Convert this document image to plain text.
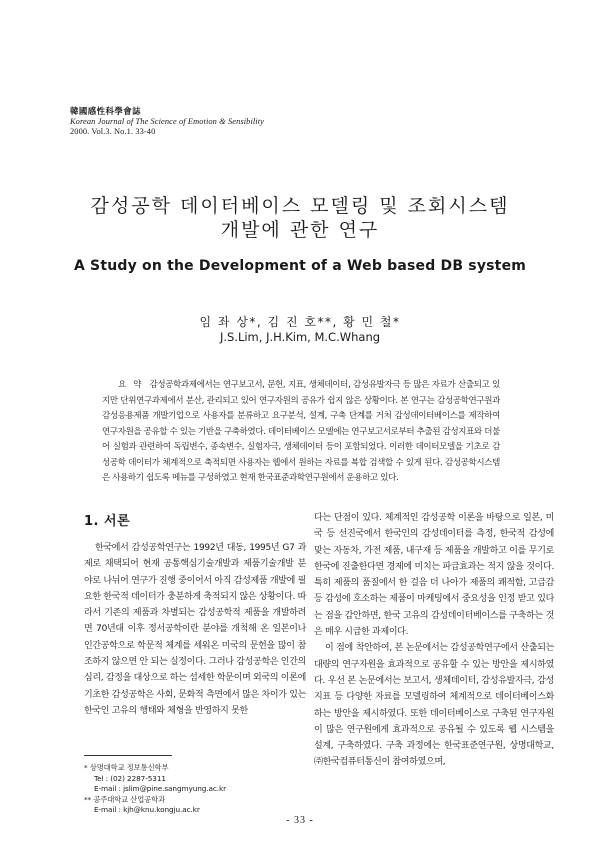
韓國感性科學會誌
Korean Journal of The Science of Emotion & Sensibility
2000. Vol.3. No.1. 33-40
감성공학 데이터베이스 모델링 및 조회시스템
개발에 관한 연구
A Study on the Development of a Web based DB system
임 좌 상*, 김 진 호**, 황 민 철*
J.S.Lim, J.H.Kim, M.C.Whang
요 약 감성공학과제에서는 연구보고서, 문헌, 지표, 생체데이터, 감성유발자극 등 많은 자료가 산출되고 있지만 단위연구과제에서 분산, 관리되고 있어 연구자원의 공유가 쉽지 않은 상황이다. 본 연구는 감성공학연구원과 감성응용제품 개발기업으로 사용자를 분류하고 요구분석, 설계, 구축 단계를 거처 감성데이터베이스를 제작하여 연구자원을 공유할 수 있는 기반을 구축하였다. 데이터베이스 모델에는 연구보고서로부터 추출된 감성지표와 더불어 실험과 관련하여 독립변수, 종속변수, 실험자극, 생체데이터 등이 포함되었다. 이러한 데이터모델을 기초로 감성공학 데이터가 체계적으로 축적되면 사용자는 웹에서 원하는 자료를 복합 검색할 수 있게 된다. 감성공학시스템은 사용하기 쉽도록 메뉴를 구성하였고 현재 한국표준과학연구원에서 운용하고 있다.
1. 서론
한국에서 감성공학연구는 1992년 대동, 1995년 G7 과제로 채택되어 현재 공통핵심기술개발과 제품기술개발 분야로 나뉘어 연구가 진행 중이어서 아직 감성제품 개발에 필요한 한국적 데이터가 충분하게 축적되지 않은 상황이다. 따라서 기존의 제품과 차별되는 감성공학적 제품을 개발하려면 70년대 이후 정서공학이란 분야를 개척해 온 일본이나 인간공학으로 학문적 체계를 세워온 미국의 문헌을 많이 참조하지 않으면 안 되는 실정이다. 그러나 감성공학은 인간의 심리, 감정을 대상으로 하는 섬세한 학문이며 외국의 이론에 기초한 감성공학은 사회, 문화적 측면에서 많은 차이가 있는 한국인 고유의 행태와 체형을 반영하지 못한
다는 단점이 있다. 체계적인 감성공학 이론을 바탕으로 일본, 미국 등 선진국에서 한국인의 감성데이터를 측정, 한국적 감성에 맞는 자동차, 가전 제품, 내구재 등 제품을 개발하고 이를 무기로 한국에 진출한다면 경제에 미치는 파급효과는 적지 않을 것이다. 특히 제품의 품질에서 한 걸음 더 나아가 제품의 쾌적함, 고급감 등 감성에 호소하는 제품이 마케팅에서 중요성을 인정 받고 있다는 점을 감안하면, 한국 고유의 감성데이터베이스를 구축하는 것은 매우 시급한 과제이다.
이 점에 착안하여, 본 논문에서는 감성공학연구에서 산출되는 대량의 연구자원을 효과적으로 공유할 수 있는 방안을 제시하였다. 우선 본 논문에서는 보고서, 생체데이터, 감성유발자극, 감성지표 등 다양한 자료를 모델링하여 체계적으로 데이터베이스화하는 방안을 제시하였다. 또한 데이터베이스로 구축된 연구자원이 많은 연구원에게 효과적으로 공유될 수 있도록 웹 시스템을 설계, 구축하였다. 구축 과정에는 한국표준연구원, 상명대학교, ㈜한국컴퓨터통신이 참여하였으며,
* 상명대학교 정보통신학부
Tel : (02) 2287-5311
E-mail : jslim@pine.sangmyung.ac.kr
** 공주대학교 산업공학과
E-mail : kjh@knu.kongju.ac.kr
- 33 -
